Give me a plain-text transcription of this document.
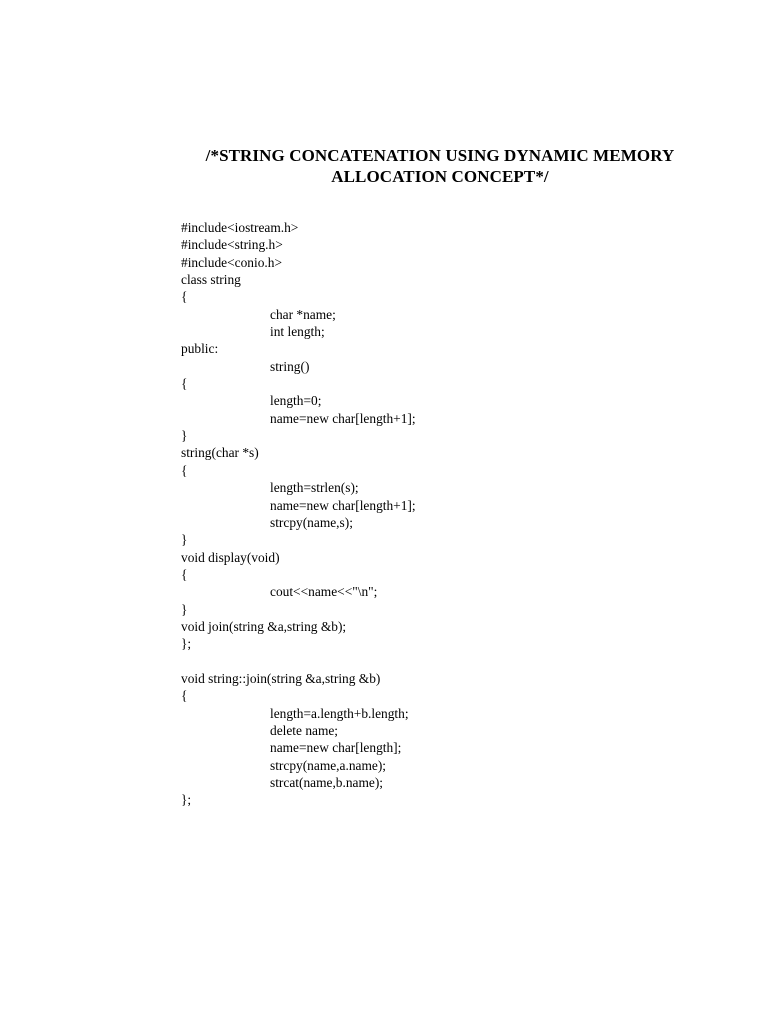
/*STRING CONCATENATION USING DYNAMIC MEMORY
ALLOCATION CONCEPT*/
#include<iostream.h>
#include<string.h>
#include<conio.h>
class string
{
char *name;
int length;
public:
string()
{
length=0;
name=new char[length+1];
}
string(char *s)
{
length=strlen(s);
name=new char[length+1];
strcpy(name,s);
}
void display(void)
{
cout<<name<<"\n";
}
void join(string &a,string &b);
};
void string::join(string &a,string &b)
{
length=a.length+b.length;
delete name;
name=new char[length];
strcpy(name,a.name);
strcat(name,b.name);
};
